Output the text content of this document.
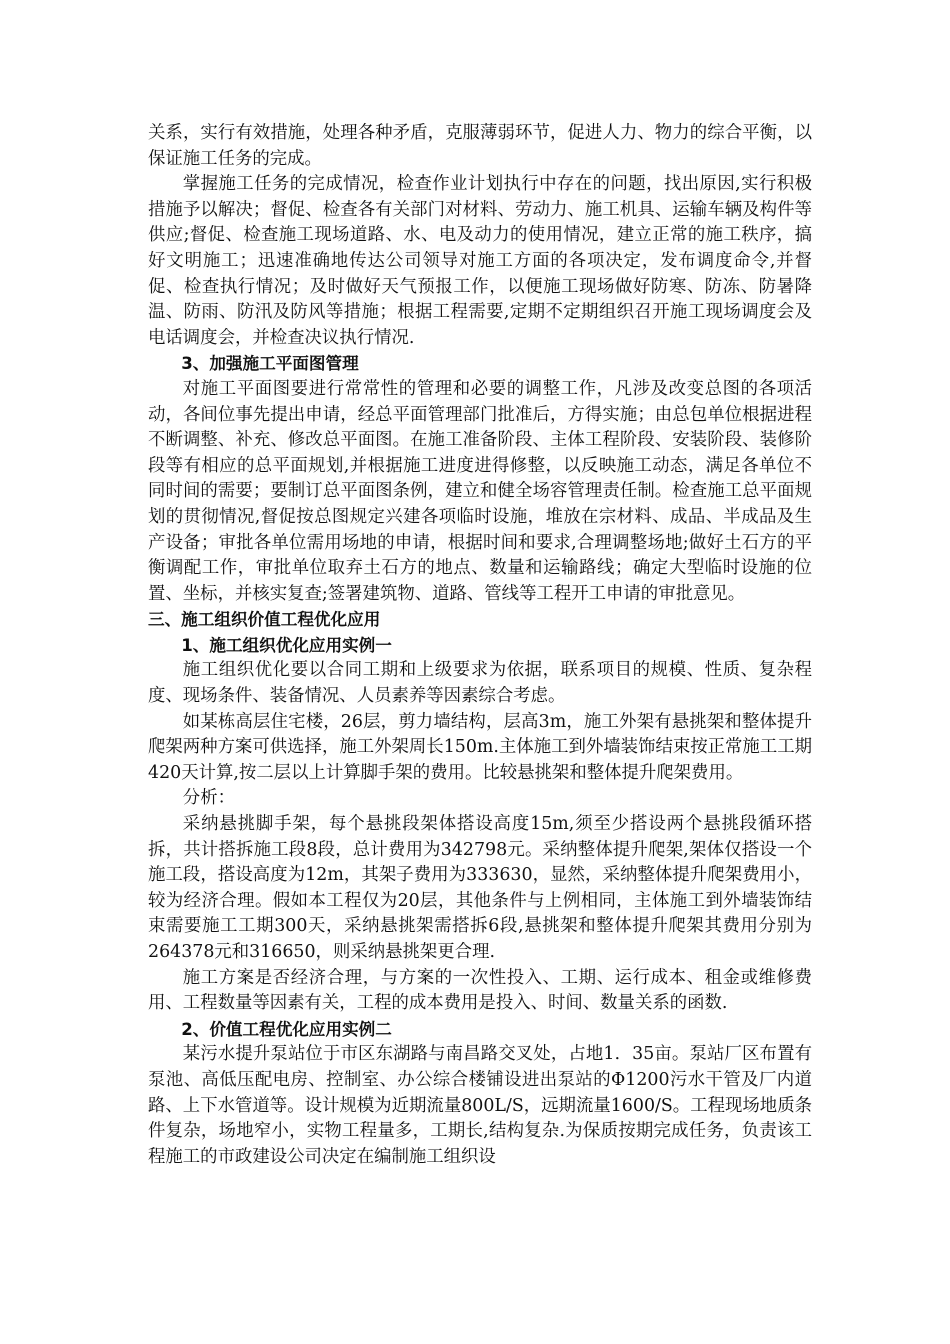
关系，实行有效措施，处理各种矛盾，克服薄弱环节，促进人力、物力的综合平衡，以保证施工任务的完成。

掌握施工任务的完成情况，检查作业计划执行中存在的问题，找出原因,实行积极措施予以解决；督促、检查各有关部门对材料、劳动力、施工机具、运输车辆及构件等供应;督促、检查施工现场道路、水、电及动力的使用情况，建立正常的施工秩序，搞好文明施工；迅速准确地传达公司领导对施工方面的各项决定，发布调度命令,并督促、检查执行情况；及时做好天气预报工作，以便施工现场做好防寒、防冻、防暑降温、防雨、防汛及防风等措施；根据工程需要,定期不定期组织召开施工现场调度会及电话调度会，并检查决议执行情况.

3、加强施工平面图管理

对施工平面图要进行常常性的管理和必要的调整工作，凡涉及改变总图的各项活动，各间位事先提出申请，经总平面管理部门批准后，方得实施；由总包单位根据进程不断调整、补充、修改总平面图。在施工准备阶段、主体工程阶段、安装阶段、装修阶段等有相应的总平面规划,并根据施工进度进得修整，以反映施工动态，满足各单位不同时间的需要；要制订总平面图条例，建立和健全场容管理责任制。检查施工总平面规划的贯彻情况,督促按总图规定兴建各项临时设施，堆放在宗材料、成品、半成品及生产设备；审批各单位需用场地的申请，根据时间和要求,合理调整场地;做好土石方的平衡调配工作，审批单位取弃土石方的地点、数量和运输路线；确定大型临时设施的位置、坐标，并核实复查;签署建筑物、道路、管线等工程开工申请的审批意见。

三、施工组织价值工程优化应用

1、施工组织优化应用实例一

施工组织优化要以合同工期和上级要求为依据，联系项目的规模、性质、复杂程度、现场条件、装备情况、人员素养等因素综合考虑。

如某栋高层住宅楼，26层，剪力墙结构，层高3m，施工外架有悬挑架和整体提升爬架两种方案可供选择，施工外架周长150m.主体施工到外墙装饰结束按正常施工工期420天计算,按二层以上计算脚手架的费用。比较悬挑架和整体提升爬架费用。

分析：

采纳悬挑脚手架，每个悬挑段架体搭设高度15m,须至少搭设两个悬挑段循环搭拆，共计搭拆施工段8段，总计费用为342798元。采纳整体提升爬架,架体仅搭设一个施工段，搭设高度为12m，其架子费用为333630，显然，采纳整体提升爬架费用小，较为经济合理。假如本工程仅为20层，其他条件与上例相同，主体施工到外墙装饰结束需要施工工期300天，采纳悬挑架需搭拆6段,悬挑架和整体提升爬架其费用分别为264378元和316650，则采纳悬挑架更合理.

施工方案是否经济合理，与方案的一次性投入、工期、运行成本、租金或维修费用、工程数量等因素有关，工程的成本费用是投入、时间、数量关系的函数.

2、价值工程优化应用实例二

某污水提升泵站位于市区东湖路与南昌路交叉处，占地1．35亩。泵站厂区布置有泵池、高低压配电房、控制室、办公综合楼铺设进出泵站的Φ1200污水干管及厂内道路、上下水管道等。设计规模为近期流量800L/S，远期流量1600/S。工程现场地质条件复杂，场地窄小，实物工程量多，工期长,结构复杂.为保质按期完成任务，负责该工程施工的市政建设公司决定在编制施工组织设
